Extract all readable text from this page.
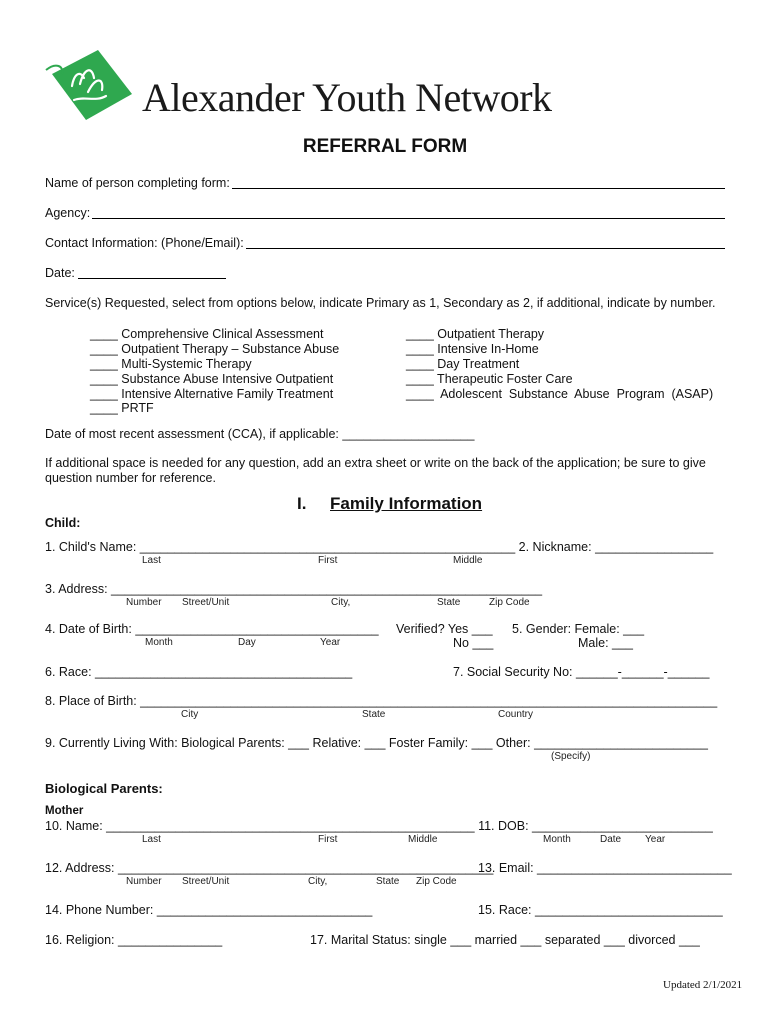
Alexander Youth Network
REFERRAL FORM
Name of person completing form:
Agency:
Contact Information: (Phone/Email):
Date:
Service(s) Requested, select from options below, indicate Primary as 1, Secondary as 2, if additional, indicate by number.
____ Comprehensive Clinical Assessment
____ Outpatient Therapy – Substance Abuse
____ Multi-Systemic Therapy
____ Substance Abuse Intensive Outpatient
____ Intensive Alternative Family Treatment
____ PRTF
____ Outpatient Therapy
____ Intensive In-Home
____ Day Treatment
____ Therapeutic Foster Care
____  Adolescent  Substance  Abuse  Program  (ASAP)
Date of most recent assessment (CCA), if applicable: ___________________
If additional space is needed for any question, add an extra sheet or write on the back of the application; be sure to give
question number for reference.
I. Family Information
Child:
1. Child's Name: ______________________________________________________ 2. Nickname: _________________
Last	First	Middle
3. Address: ______________________________________________________________
Number Street/Unit	City,	State	Zip Code
4. Date of Birth: ___________________________________
Month	Day	Year
Verified? Yes ___
No ___
5. Gender: Female: ___
Male: ___
6. Race: _____________________________________	7. Social Security No: ______-______-______
8. Place of Birth: ___________________________________________________________________________________
City	State	Country
9. Currently Living With: Biological Parents: ___ Relative: ___ Foster Family: ___ Other: _________________________
(Specify)
Biological Parents:
Mother
10. Name: _____________________________________________________ 11. DOB: __________________________
Last	First	Middle	Month	Date Year
12. Address: ______________________________________________________
Number Street/Unit	City,	State Zip Code
13. Email: ____________________________
14. Phone Number: _______________________________	15. Race: ___________________________
16. Religion: _______________	17. Marital Status: single ___ married ___ separated ___ divorced ___
Updated 2/1/2021
